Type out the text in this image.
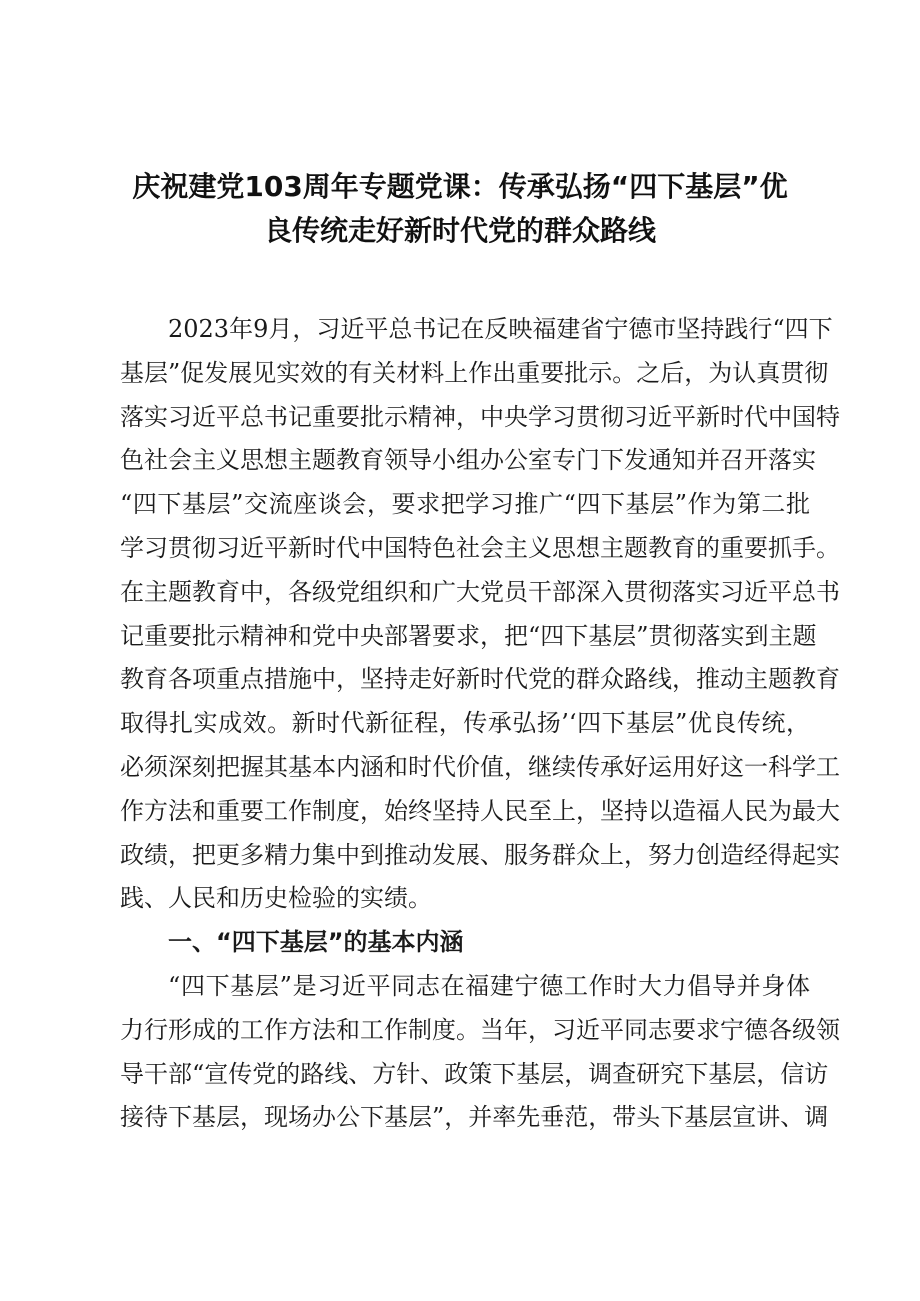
庆祝建党103周年专题党课：传承弘扬“四下基层”优
良传统走好新时代党的群众路线
2023年9月，习近平总书记在反映福建省宁德市坚持践行“四下
基层”促发展见实效的有关材料上作出重要批示。之后，为认真贯彻
落实习近平总书记重要批示精神，中央学习贯彻习近平新时代中国特
色社会主义思想主题教育领导小组办公室专门下发通知并召开落实
“四下基层”交流座谈会，要求把学习推广“四下基层”作为第二批
学习贯彻习近平新时代中国特色社会主义思想主题教育的重要抓手。
在主题教育中，各级党组织和广大党员干部深入贯彻落实习近平总书
记重要批示精神和党中央部署要求，把“四下基层”贯彻落实到主题
教育各项重点措施中，坚持走好新时代党的群众路线，推动主题教育
取得扎实成效。新时代新征程，传承弘扬’‘四下基层”优良传统，
必须深刻把握其基本内涵和时代价值，继续传承好运用好这一科学工
作方法和重要工作制度，始终坚持人民至上，坚持以造福人民为最大
政绩，把更多精力集中到推动发展、服务群众上，努力创造经得起实
践、人民和历史检验的实绩。
一、“四下基层”的基本内涵
“四下基层”是习近平同志在福建宁德工作时大力倡导并身体
力行形成的工作方法和工作制度。当年，习近平同志要求宁德各级领
导干部“宣传党的路线、方针、政策下基层，调查研究下基层，信访
接待下基层，现场办公下基层”，并率先垂范，带头下基层宣讲、调
